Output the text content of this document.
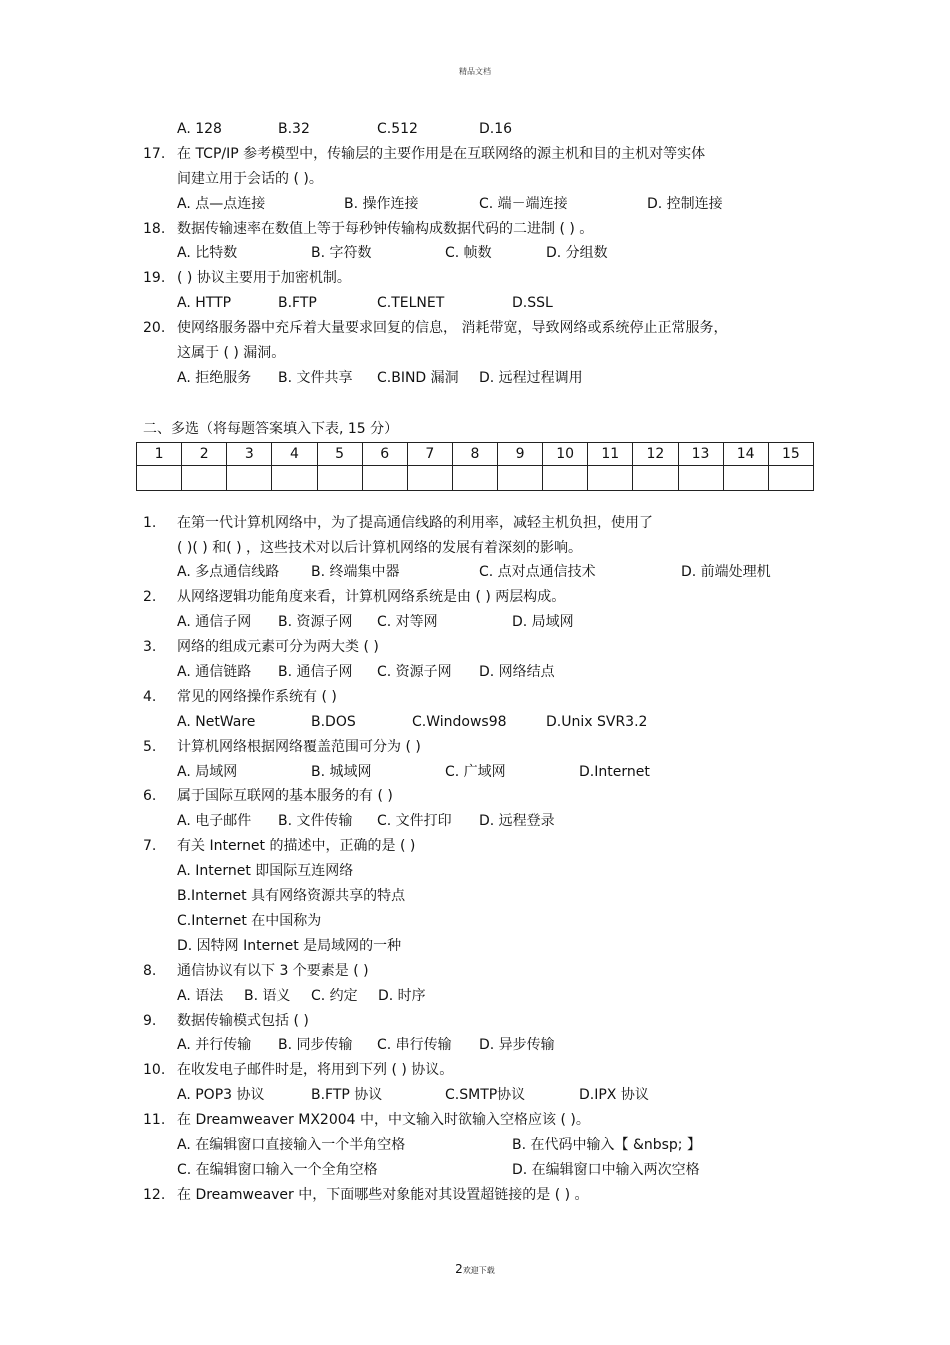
精品文档
A. 128	B.32	C.512	D.16
17. 在 TCP/IP 参考模型中，传输层的主要作用是在互联网络的源主机和目的主机对等实体
间建立用于会话的 ( )。
A. 点—点连接	B. 操作连接	C. 端－端连接	D. 控制连接
18. 数据传输速率在数值上等于每秒钟传输构成数据代码的二进制 ( ) 。
A. 比特数	B. 字符数	C. 帧数	D. 分组数
19. ( ) 协议主要用于加密机制。
A. HTTP	B.FTP	C.TELNET	D.SSL
20. 使网络服务器中充斥着大量要求回复的信息， 消耗带宽，导致网络或系统停止正常服务，
这属于 ( ) 漏洞。
A. 拒绝服务 B. 文件共享 C.BIND 漏洞 D. 远程过程调用
二、多选（将每题答案填入下表, 15 分）
1	2	3	4	5	6	7	8	9	10	11	12	13	14	15

1. 在第一代计算机网络中，为了提高通信线路的利用率，减轻主机负担，使用了
( )( ) 和( ) ，这些技术对以后计算机网络的发展有着深刻的影响。
A. 多点通信线路 B. 终端集中器	C. 点对点通信技术	D. 前端处理机
2. 从网络逻辑功能角度来看，计算机网络系统是由 ( ) 两层构成。
A. 通信子网 B. 资源子网 C. 对等网	D. 局域网
3. 网络的组成元素可分为两大类 ( )
A. 通信链路 B. 通信子网 C. 资源子网 D. 网络结点
4. 常见的网络操作系统有 ( )
A. NetWare	B.DOS	C.Windows98	D.Unix SVR3.2
5. 计算机网络根据网络覆盖范围可分为 ( )
A. 局域网	B. 城域网	C. 广域网	D.Internet
6. 属于国际互联网的基本服务的有 ( )
A. 电子邮件 B. 文件传输 C. 文件打印 D. 远程登录
7. 有关 Internet 的描述中，正确的是 ( )
A. Internet 即国际互连网络
B.Internet 具有网络资源共享的特点
C.Internet 在中国称为
D. 因特网 Internet 是局域网的一种
8. 通信协议有以下 3 个要素是 ( )
A. 语法 B. 语义 C. 约定 D. 时序
9. 数据传输模式包括 ( )
A. 并行传输 B. 同步传输 C. 串行传输 D. 异步传输
10. 在收发电子邮件时是，将用到下列 ( ) 协议。
A. POP3 协议	B.FTP 协议	C.SMTP协议	D.IPX 协议
11. 在 Dreamweaver MX2004 中，中文输入时欲输入空格应该 ( )。
A. 在编辑窗口直接输入一个半角空格	B. 在代码中输入【 &nbsp; 】
C. 在编辑窗口输入一个全角空格	D. 在编辑窗口中输入两次空格
12. 在 Dreamweaver 中，下面哪些对象能对其设置超链接的是 ( ) 。
2欢迎下载
